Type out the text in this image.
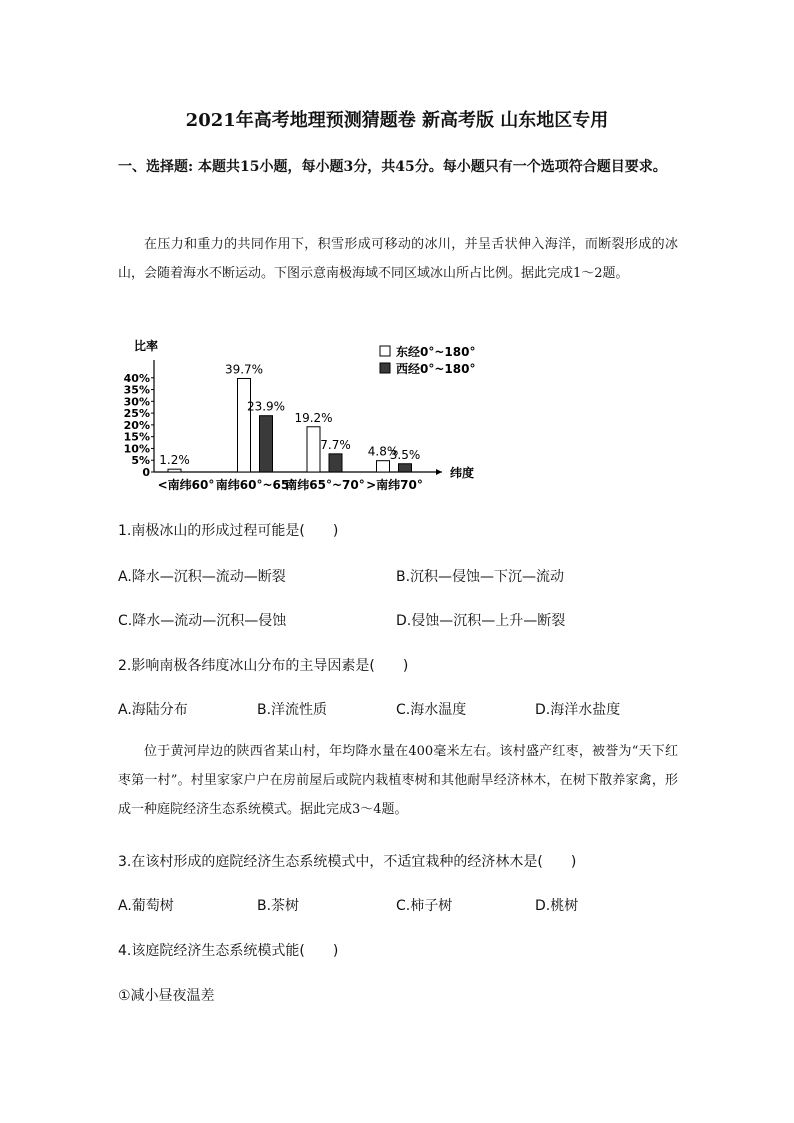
2021年高考地理预测猜题卷 新高考版 山东地区专用
一、选择题: 本题共15小题，每小题3分，共45分。每小题只有一个选项符合题目要求。
在压力和重力的共同作用下，积雪形成可移动的冰川，并呈舌状伸入海洋，而断裂形成的冰山，会随着海水不断运动。下图示意南极海域不同区域冰山所占比例。据此完成1～2题。
比率
纬度
40%
35%
30%
25%
20%
15%
10%
5%
0
1.2%
<南纬60°
39.7%
23.9%
南纬60°~65°
19.2%
7.7%
南纬65°~70°
4.8%
3.5%
>南纬70°
东经0°~180°
西经0°~180°
1.南极冰山的形成过程可能是(　　)
A.降水—沉积—流动—断裂	B.沉积—侵蚀—下沉—流动
C.降水—流动—沉积—侵蚀	D.侵蚀—沉积—上升—断裂
2.影响南极各纬度冰山分布的主导因素是(　　)
A.海陆分布	B.洋流性质	C.海水温度	D.海洋水盐度
位于黄河岸边的陕西省某山村，年均降水量在400毫米左右。该村盛产红枣，被誉为“天下红枣第一村”。村里家家户户在房前屋后或院内栽植枣树和其他耐旱经济林木，在树下散养家禽，形成一种庭院经济生态系统模式。据此完成3～4题。
3.在该村形成的庭院经济生态系统模式中，不适宜栽种的经济林木是(　　)
A.葡萄树	B.茶树	C.柿子树	D.桃树
4.该庭院经济生态系统模式能(　　)
①减小昼夜温差
